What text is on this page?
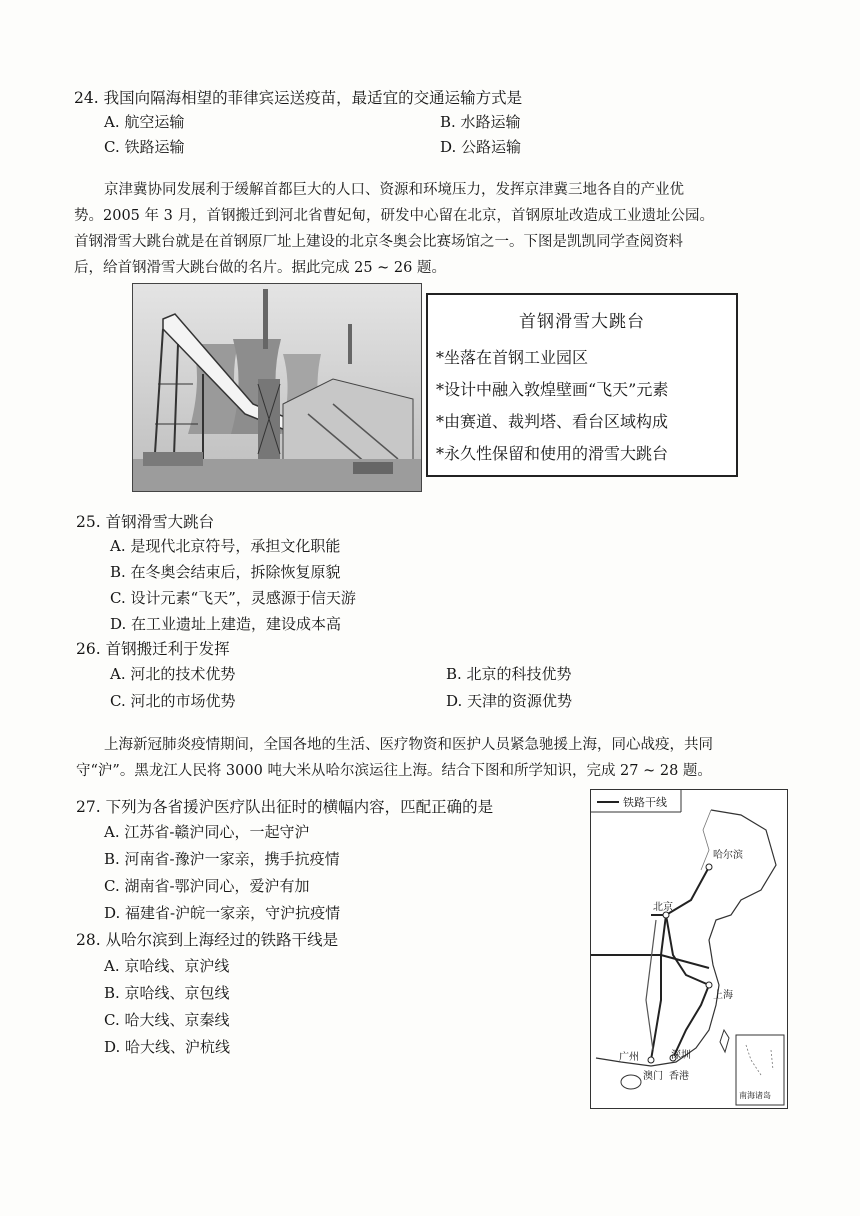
24. 我国向隔海相望的菲律宾运送疫苗，最适宜的交通运输方式是
A. 航空运输	B. 水路运输
C. 铁路运输	D. 公路运输
京津冀协同发展利于缓解首都巨大的人口、资源和环境压力，发挥京津冀三地各自的产业优
势。2005 年 3 月，首钢搬迁到河北省曹妃甸，研发中心留在北京，首钢原址改造成工业遗址公园。
首钢滑雪大跳台就是在首钢原厂址上建设的北京冬奥会比赛场馆之一。下图是凯凯同学查阅资料
后，给首钢滑雪大跳台做的名片。据此完成 25 ~ 26 题。
首钢滑雪大跳台
*坐落在首钢工业园区
*设计中融入敦煌壁画“飞天”元素
*由赛道、裁判塔、看台区域构成
*永久性保留和使用的滑雪大跳台
25. 首钢滑雪大跳台
A. 是现代北京符号，承担文化职能
B. 在冬奥会结束后，拆除恢复原貌
C. 设计元素“飞天”，灵感源于信天游
D. 在工业遗址上建造，建设成本高
26. 首钢搬迁利于发挥
A. 河北的技术优势	B. 北京的科技优势
C. 河北的市场优势	D. 天津的资源优势
上海新冠肺炎疫情期间，全国各地的生活、医疗物资和医护人员紧急驰援上海，同心战疫，共同
守“沪”。黑龙江人民将 3000 吨大米从哈尔滨运往上海。结合下图和所学知识，完成 27 ~ 28 题。
27. 下列为各省援沪医疗队出征时的横幅内容，匹配正确的是
A. 江苏省-赣沪同心，一起守沪
B. 河南省-豫沪一家亲，携手抗疫情
C. 湖南省-鄂沪同心，爱沪有加
D. 福建省-沪皖一家亲，守沪抗疫情
28. 从哈尔滨到上海经过的铁路干线是
A. 京哈线、京沪线
B. 京哈线、京包线
C. 哈大线、京秦线
D. 哈大线、沪杭线
铁路干线
哈尔滨
北京
上海
广州	深圳
澳门 香港
南海诸岛
